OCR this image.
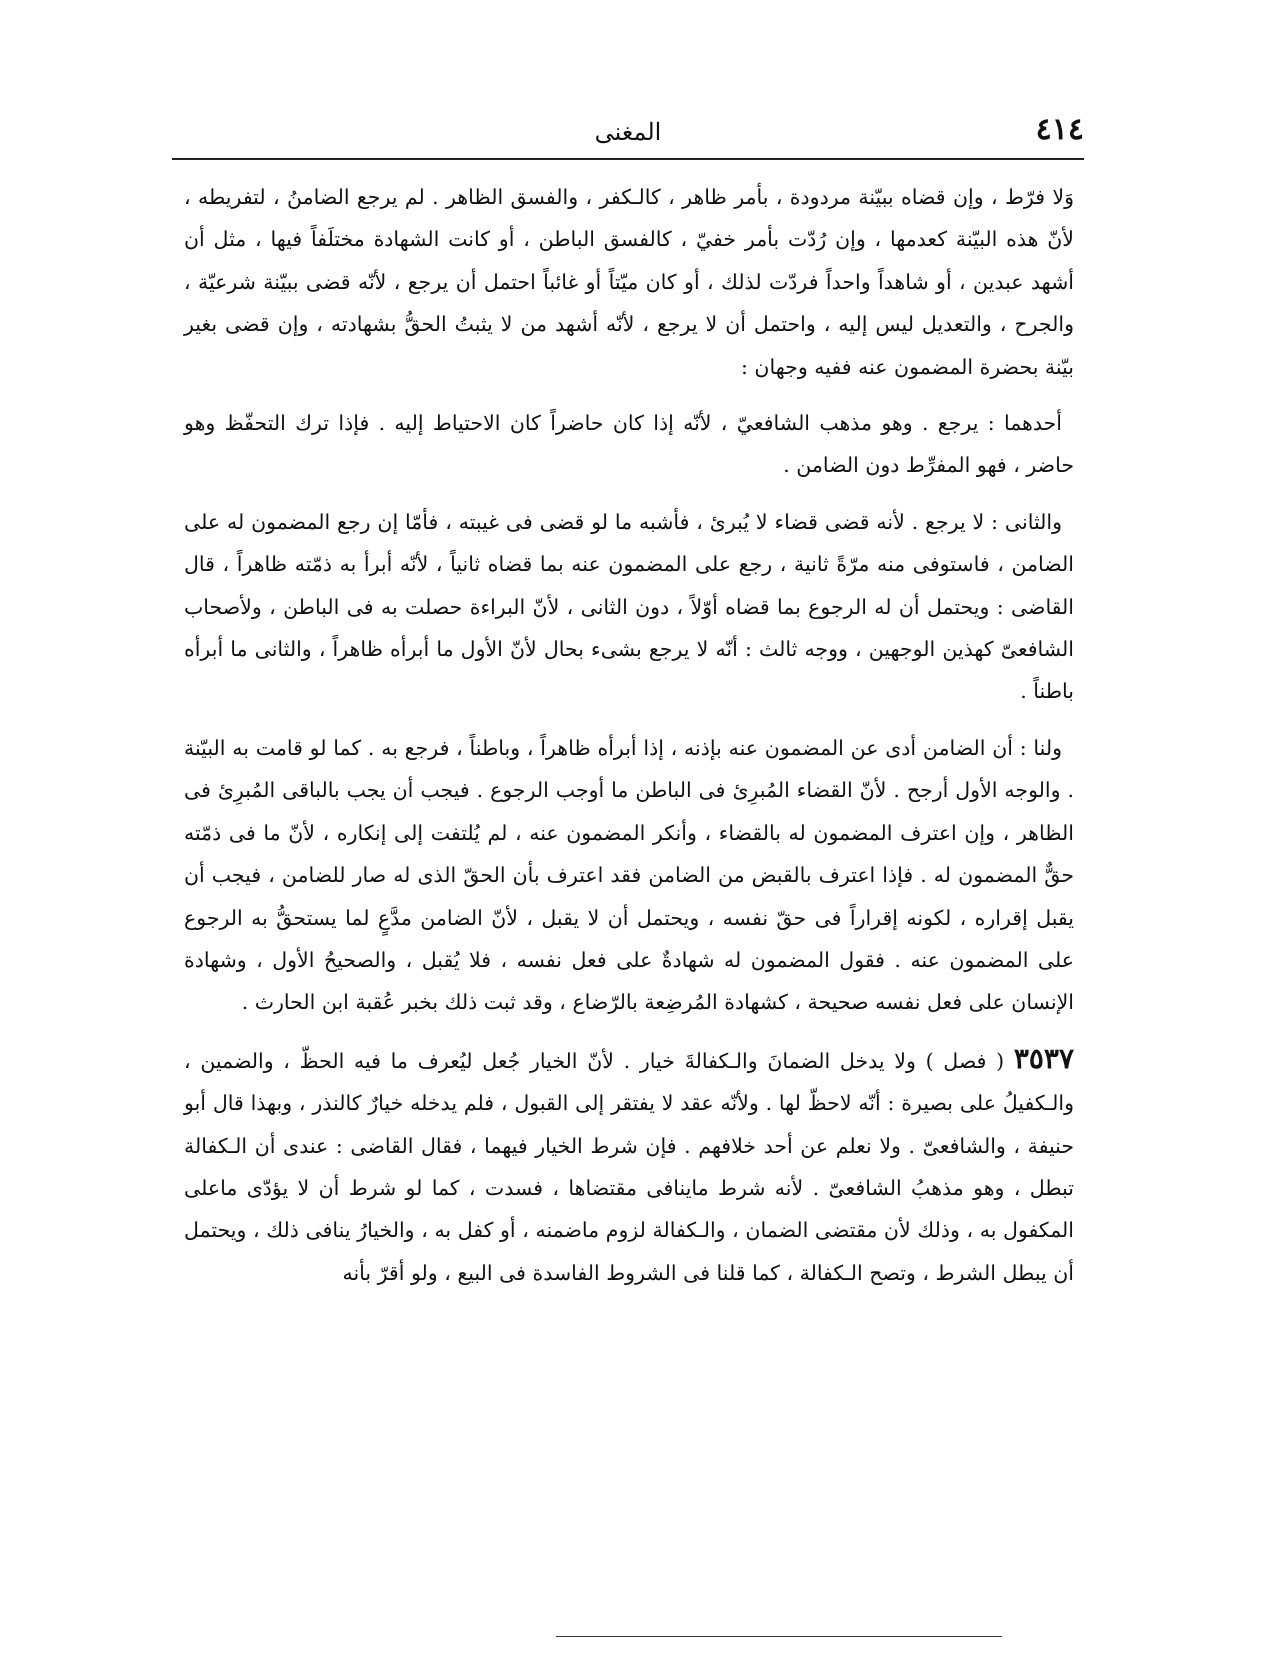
٤١٤
المغنى

وَلا فرّط ، وإن قضاه ببيّنة مردودة ، بأمر ظاهر ، كالـكفر ، والفسق الظاهر . لم يرجع الضامنُ ، لتفريطه ، لأنّ هذه البيّنة كعدمها ، وإن رُدّت بأمر خفيّ ، كالفسق الباطن ، أو كانت الشهادة مختلَفاً فيها ، مثل أن أشهد عبدين ، أو شاهداً واحداً فردّت لذلك ، أو كان ميّتاً أو غائباً احتمل أن يرجع ، لأنّه قضى ببيّنة شرعيّة ، والجرح ، والتعديل ليس إليه ، واحتمل أن لا يرجع ، لأنّه أشهد من لا يثبتُ الحقُّ بشهادته ، وإن قضى بغير بيّنة بحضرة المضمون عنه ففيه وجهان :

أحدهما : يرجع . وهو مذهب الشافعيّ ، لأنّه إذا كان حاضراً كان الاحتياط إليه . فإذا ترك التحفّظ وهو حاضر ، فهو المفرِّط دون الضامن .

والثانى : لا يرجع . لأنه قضى قضاء لا يُبرئ ، فأشبه ما لو قضى فى غيبته ، فأمّا إن رجع المضمون له على الضامن ، فاستوفى منه مرّةً ثانية ، رجع على المضمون عنه بما قضاه ثانياً ، لأنّه أبرأ به ذمّته ظاهراً ، قال القاضى : ويحتمل أن له الرجوع بما قضاه أوّلاً ، دون الثانى ، لأنّ البراءة حصلت به فى الباطن ، ولأصحاب الشافعىّ كهذين الوجهين ، ووجه ثالث : أنّه لا يرجع بشىء بحال لأنّ الأول ما أبرأه ظاهراً ، والثانى ما أبرأه باطناً .

ولنا : أن الضامن أدى عن المضمون عنه بإذنه ، إذا أبرأه ظاهراً ، وباطناً ، فرجع به . كما لو قامت به البيّنة . والوجه الأول أرجح . لأنّ القضاء المُبرِئ فى الباطن ما أوجب الرجوع . فيجب أن يجب بالباقى المُبرِئ فى الظاهر ، وإن اعترف المضمون له بالقضاء ، وأنكر المضمون عنه ، لم يُلتفت إلى إنكاره ، لأنّ ما فى ذمّته حقٌّ المضمون له . فإذا اعترف بالقبض من الضامن فقد اعترف بأن الحقّ الذى له صار للضامن ، فيجب أن يقبل إقراره ، لكونه إقراراً فى حقّ نفسه ، ويحتمل أن لا يقبل ، لأنّ الضامن مدَّعٍ لما يستحقُّ به الرجوع على المضمون عنه . فقول المضمون له شهادةٌ على فعل نفسه ، فلا يُقبل ، والصحيحُ الأول ، وشهادة الإنسان على فعل نفسه صحيحة ، كشهادة المُرضِعة بالرّضاع ، وقد ثبت ذلك بخبر عُقبة ابن الحارث .

٣٥٣٧ ( فصل ) ولا يدخل الضمانَ والـكفالةَ خيار . لأنّ الخيار جُعل ليُعرف ما فيه الحظّ ، والضمين ، والـكفيلُ على بصيرة : أنّه لاحظّ لها . ولأنّه عقد لا يفتقر إلى القبول ، فلم يدخله خيارٌ كالنذر ، وبهذا قال أبو حنيفة ، والشافعىّ . ولا نعلم عن أحد خلافهم . فإن شرط الخيار فيهما ، فقال القاضى : عندى أن الـكفالة تبطل ، وهو مذهبُ الشافعىّ . لأنه شرط ماينافى مقتضاها ، فسدت ، كما لو شرط أن لا يؤدّى ماعلى المكفول به ، وذلك لأن مقتضى الضمان ، والـكفالة لزوم ماضمنه ، أو كفل به ، والخيارُ ينافى ذلك ، ويحتمل أن يبطل الشرط ، وتصح الـكفالة ، كما قلنا فى الشروط الفاسدة فى البيع ، ولو أقرّ بأنه
